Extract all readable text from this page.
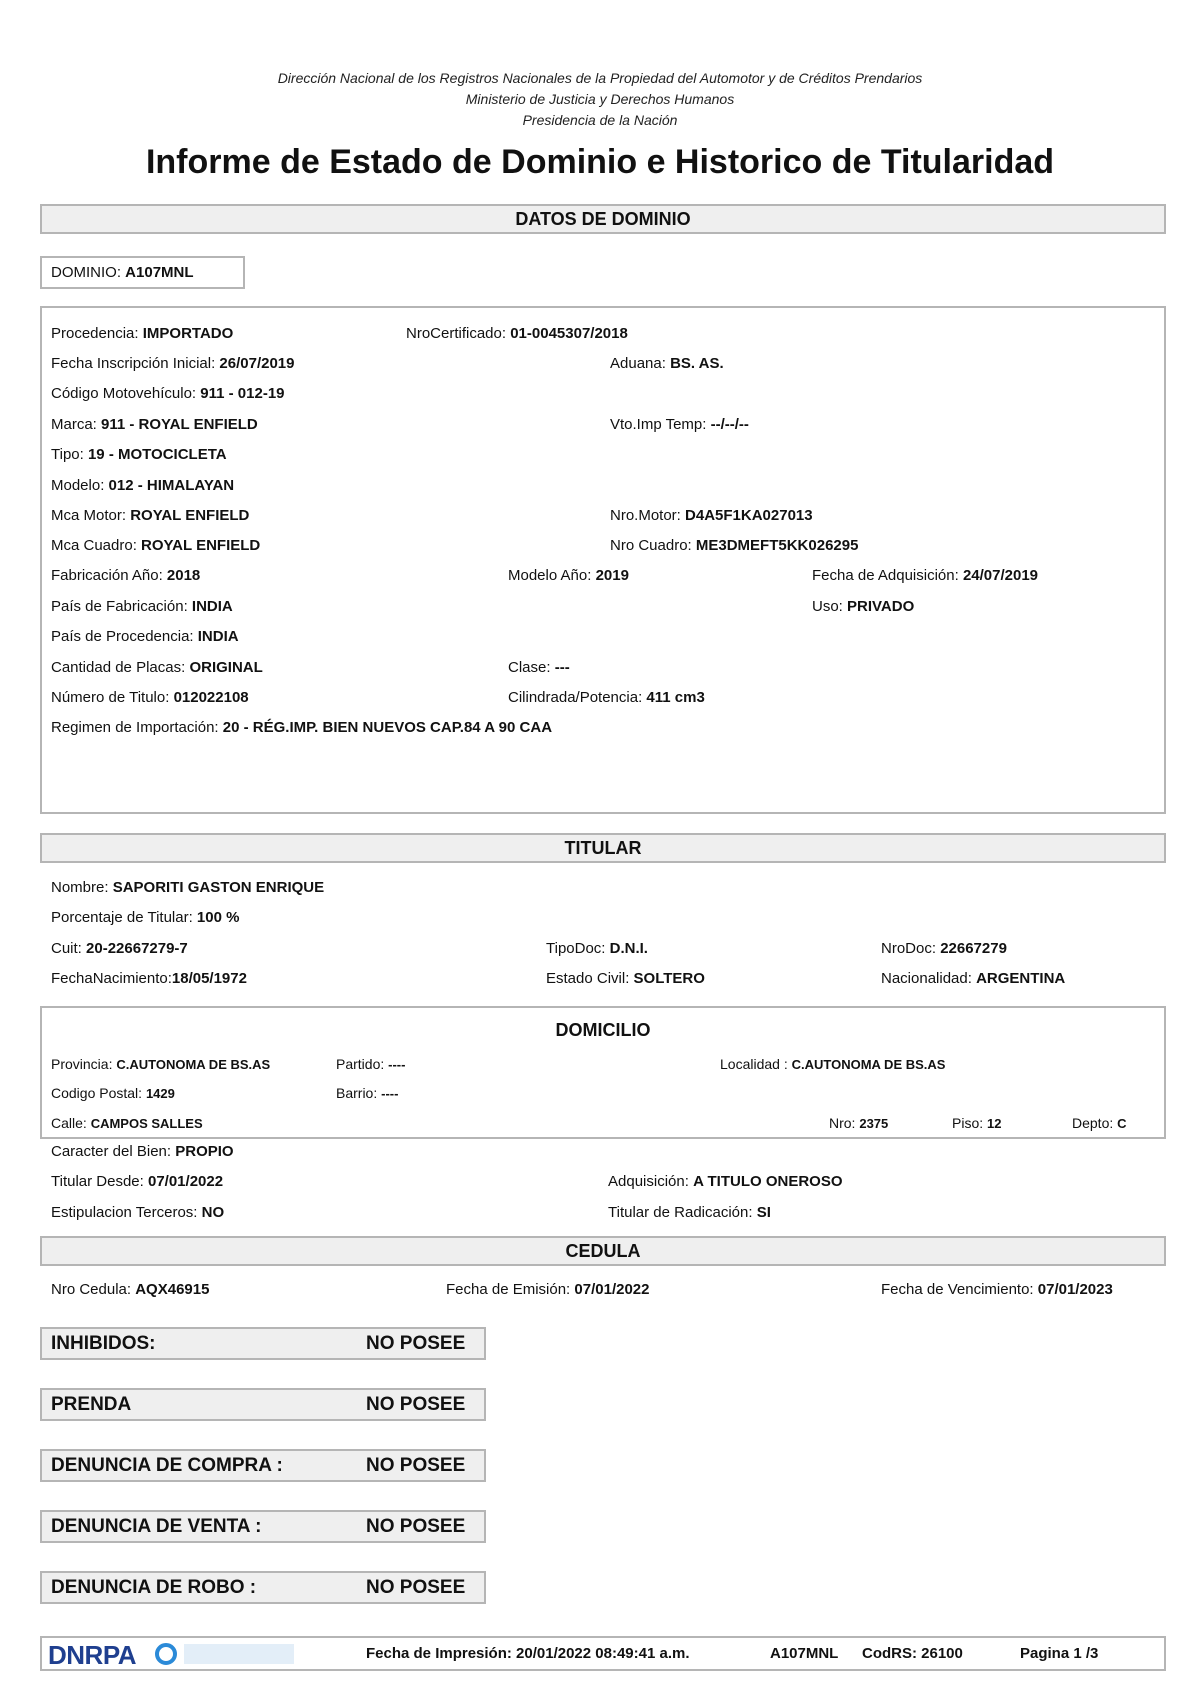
Dirección Nacional de los Registros Nacionales de la Propiedad del Automotor y de Créditos Prendarios
Ministerio de Justicia y Derechos Humanos
Presidencia de la Nación
Informe de Estado de Dominio e Historico de Titularidad
DATOS DE DOMINIO
DOMINIO: A107MNL
Procedencia: IMPORTADO	NroCertificado: 01-0045307/2018
Fecha Inscripción Inicial: 26/07/2019	Aduana: BS. AS.
Código Motovehículo: 911 - 012-19
Marca: 911 - ROYAL ENFIELD	Vto.Imp Temp: --/--/--
Tipo: 19 - MOTOCICLETA
Modelo: 012 - HIMALAYAN
Mca Motor: ROYAL ENFIELD	Nro.Motor: D4A5F1KA027013
Mca Cuadro: ROYAL ENFIELD	Nro Cuadro: ME3DMEFT5KK026295
Fabricación Año: 2018	Modelo Año: 2019	Fecha de Adquisición: 24/07/2019
País de Fabricación: INDIA	Uso: PRIVADO
País de Procedencia: INDIA
Cantidad de Placas: ORIGINAL	Clase: ---
Número de Titulo: 012022108	Cilindrada/Potencia: 411 cm3
Regimen de Importación: 20 - RÉG.IMP. BIEN NUEVOS CAP.84 A 90 CAA
TITULAR
Nombre: SAPORITI GASTON ENRIQUE
Porcentaje de Titular: 100 %
Cuit: 20-22667279-7	TipoDoc: D.N.I.	NroDoc: 22667279
FechaNacimiento:18/05/1972	Estado Civil: SOLTERO	Nacionalidad: ARGENTINA
DOMICILIO
Provincia: C.AUTONOMA DE BS.AS	Partido: ----	Localidad : C.AUTONOMA DE BS.AS
Codigo Postal: 1429	Barrio: ----
Calle: CAMPOS SALLES	Nro: 2375	Piso: 12	Depto: C
Caracter del Bien: PROPIO
Titular Desde: 07/01/2022	Adquisición: A TITULO ONEROSO
Estipulacion Terceros: NO	Titular de Radicación: SI
CEDULA
Nro Cedula: AQX46915	Fecha de Emisión: 07/01/2022	Fecha de Vencimiento: 07/01/2023
INHIBIDOS:	NO POSEE
PRENDA	NO POSEE
DENUNCIA DE COMPRA :	NO POSEE
DENUNCIA DE VENTA :	NO POSEE
DENUNCIA DE ROBO :	NO POSEE
DNRPA	Fecha de Impresión: 20/01/2022 08:49:41 a.m.	A107MNL CodRS: 26100	Pagina 1 /3
